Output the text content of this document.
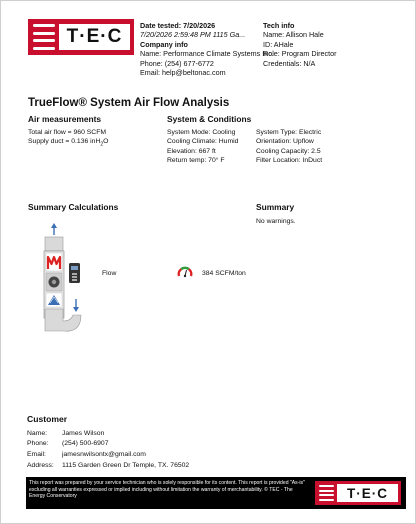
T·E·C
Date tested: 7/20/2026
7/20/2026 2:59:48 PM 1115 Ga...
Company info
Name: Performance Climate Systems Inc.
Phone: (254) 677-6772
Email: help@beltonac.com
Tech info
Name: Allison Hale
ID: AHale
Role: Program Director
Credentials: N/A
TrueFlow® System Air Flow Analysis
Air measurements
Total air flow = 960 SCFM
Supply duct = 0.136 inH$_2$O
System & Conditions
System Mode: Cooling
Cooling Climate: Humid
Elevation: 667 ft
Return temp: 70° F
System Type: Electric
Orientation: Upflow
Cooling Capacity: 2.5
Filter Location: InDuct
Summary Calculations	Summary
No warnings.
Flow	384 SCFM/ton
Customer
Name: James Wilson
Phone: (254) 500-6907
Email: jamesnwilsontx@gmail.com
Address: 1115 Garden Green Dr Temple, TX. 76502
This report was prepared by your service technician who is solely responsible for its content. This report is provided "As-is" excluding all warranties expressed or implied including without limitation the warranty of merchantability. © TEC - The Energy Conservatory	T·E·C
